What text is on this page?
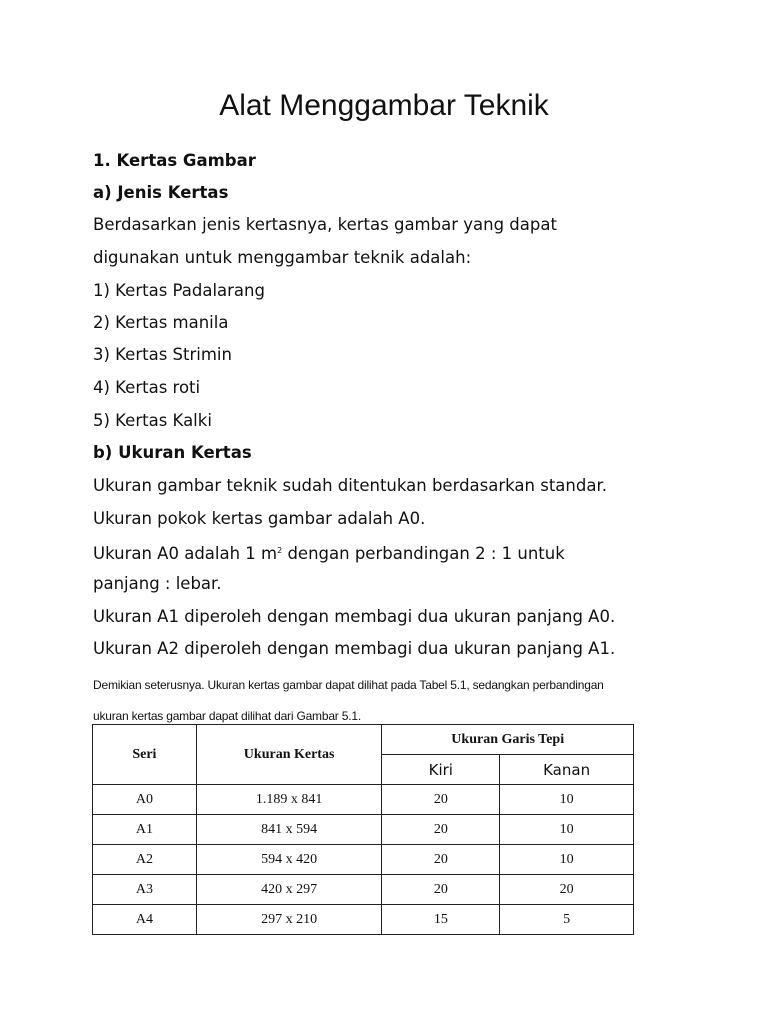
Alat Menggambar Teknik

1. Kertas Gambar

a) Jenis Kertas

Berdasarkan jenis kertasnya, kertas gambar yang dapat

digunakan untuk menggambar teknik adalah:

1) Kertas Padalarang

2) Kertas manila

3) Kertas Strimin

4) Kertas roti

5) Kertas Kalki

b) Ukuran Kertas

Ukuran gambar teknik sudah ditentukan berdasarkan standar.

Ukuran pokok kertas gambar adalah A0.

Ukuran A0 adalah 1 $m^2$ dengan perbandingan 2 : 1 untuk

panjang : lebar.

Ukuran A1 diperoleh dengan membagi dua ukuran panjang A0.

Ukuran A2 diperoleh dengan membagi dua ukuran panjang A1.

Demikian seterusnya. Ukuran kertas gambar dapat dilihat pada Tabel 5.1, sedangkan perbandingan

ukuran kertas gambar dapat dilihat dari Gambar 5.1.

Seri	Ukuran Kertas	Ukuran Garis Tepi	
		Kiri	Kanan
A0	1.189 x 841	20	10
A1	841 x 594	20	10
A2	594 x 420	20	10
A3	420 x 297	20	20
A4	297 x 210	15	5
